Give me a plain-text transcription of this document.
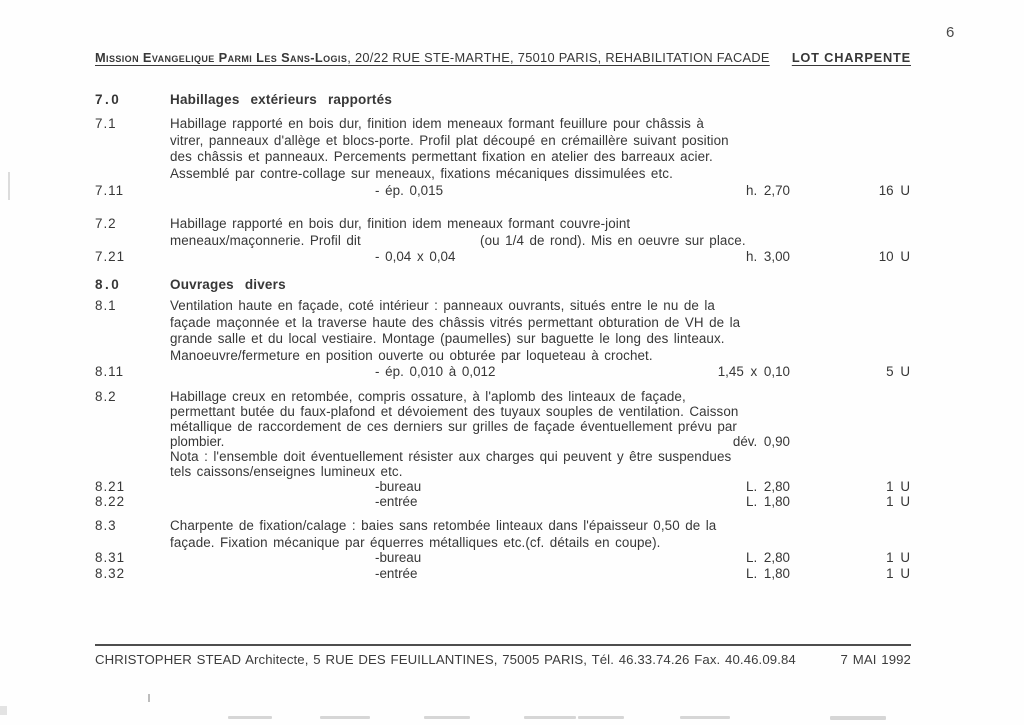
6
Mission Evangelique Parmi Les Sans-Logis, 20/22 RUE STE-MARTHE, 75010 PARIS, REHABILITATION FACADE LOT CHARPENTE
7.0	Habillages extérieurs rapportés
7.1	Habillage rapporté en bois dur, finition idem meneaux formant feuillure pour châssis à
vitrer, panneaux d'allège et blocs-porte. Profil plat découpé en crémaillère suivant position
des châssis et panneaux. Percements permettant fixation en atelier des barreaux acier.
Assemblé par contre-collage sur meneaux, fixations mécaniques dissimulées etc.
7.11	- ép. 0,015	h. 2,70	16 U
7.2	Habillage rapporté en bois dur, finition idem meneaux formant couvre-joint
meneaux/maçonnerie. Profil dit                      (ou 1/4 de rond). Mis en oeuvre sur place.
7.21	- 0,04 x 0,04	h. 3,00	10 U
8.0	Ouvrages divers
8.1	Ventilation haute en façade, coté intérieur : panneaux ouvrants, situés entre le nu de la
façade maçonnée et la traverse haute des châssis vitrés permettant obturation de VH de la
grande salle et du local vestiaire. Montage (paumelles) sur baguette le long des linteaux.
Manoeuvre/fermeture en position ouverte ou obturée par loqueteau à crochet.
8.11	- ép. 0,010 à 0,012	1,45 x 0,10	5 U
8.2	Habillage creux en retombée, compris ossature, à l'aplomb des linteaux de façade,
permettant butée du faux-plafond et dévoiement des tuyaux souples de ventilation. Caisson
métallique de raccordement de ces derniers sur grilles de façade éventuellement prévu par
plombier.	dév. 0,90
Nota : l'ensemble doit éventuellement résister aux charges qui peuvent y être suspendues
tels caissons/enseignes lumineux etc.
8.21	-bureau	L. 2,80	1 U
8.22	-entrée	L. 1,80	1 U
8.3	Charpente de fixation/calage : baies sans retombée linteaux dans l'épaisseur 0,50 de la
façade. Fixation mécanique par équerres métalliques etc.(cf. détails en coupe).
8.31	-bureau	L. 2,80	1 U
8.32	-entrée	L. 1,80	1 U
CHRISTOPHER STEAD Architecte, 5 RUE DES FEUILLANTINES, 75005 PARIS, Tél. 46.33.74.26 Fax. 40.46.09.84	7 MAI 1992
